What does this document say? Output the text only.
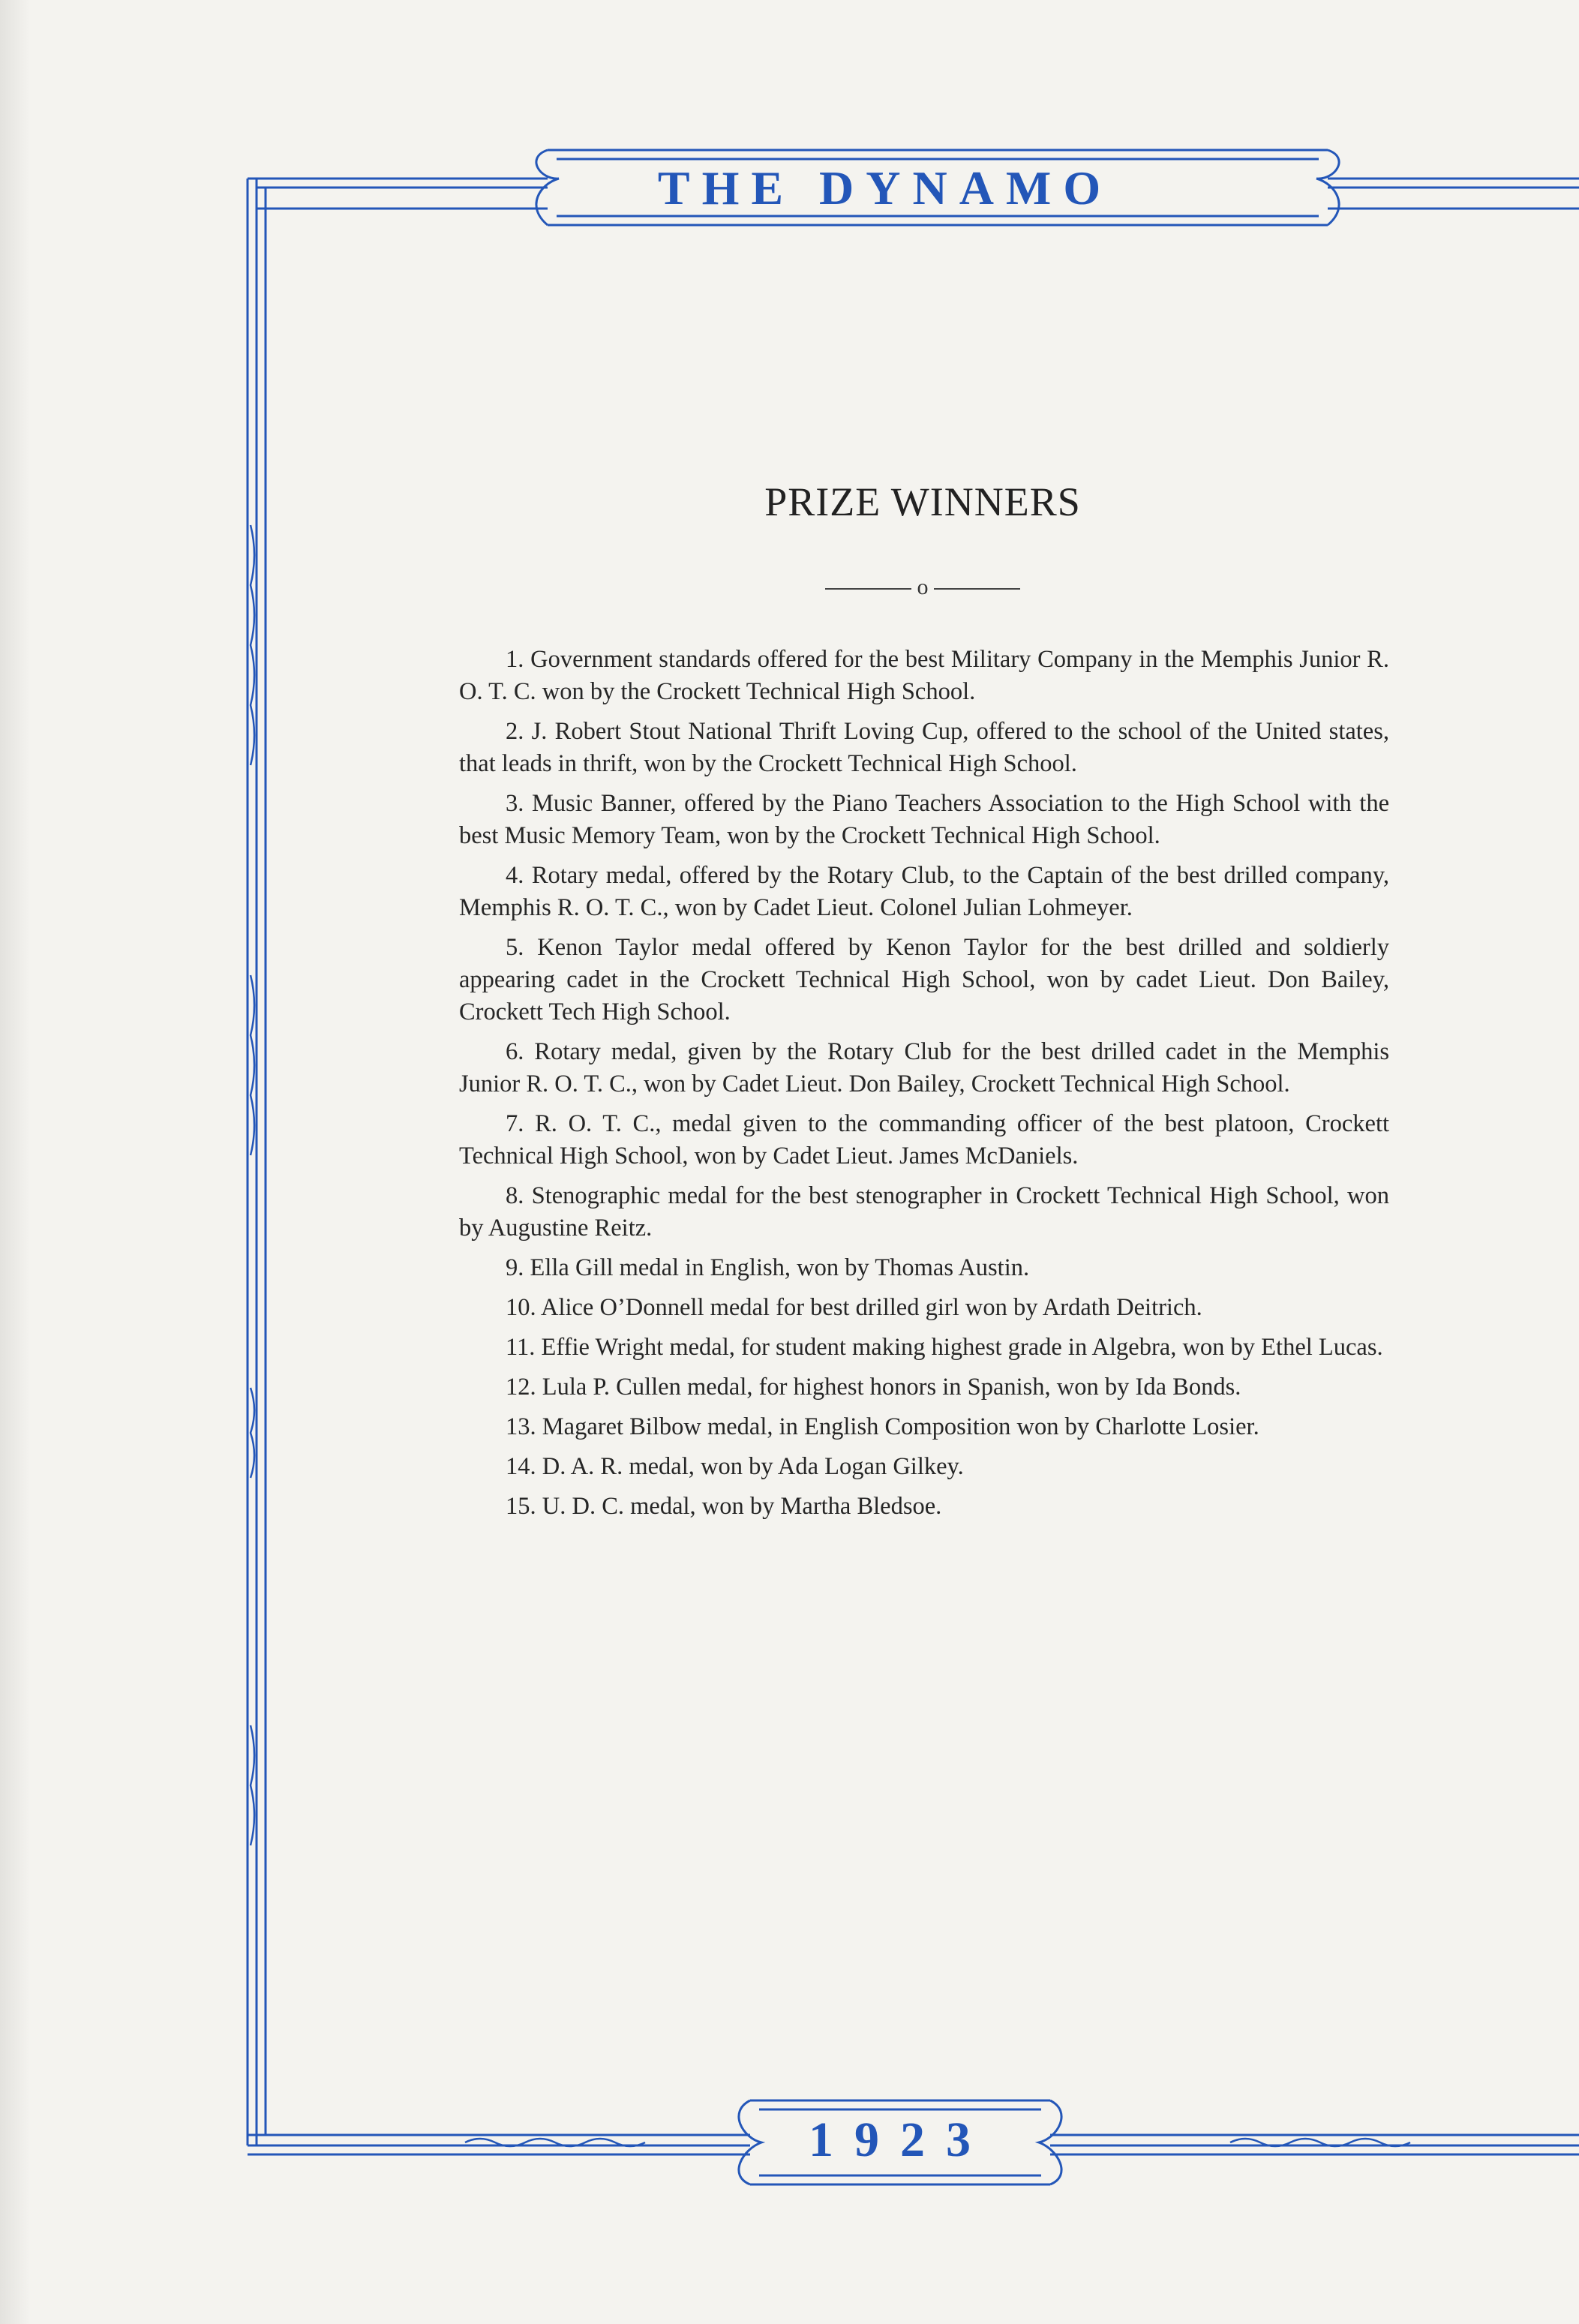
THE DYNAMO
1923
PRIZE WINNERS
o

1. Government standards offered for the best Military Company in the Memphis Junior R. O. T. C. won by the Crockett Technical High School.

2. J. Robert Stout National Thrift Loving Cup, offered to the school of the United states, that leads in thrift, won by the Crockett Technical High School.

3. Music Banner, offered by the Piano Teachers Association to the High School with the best Music Memory Team, won by the Crockett Technical High School.

4. Rotary medal, offered by the Rotary Club, to the Captain of the best drilled company, Memphis R. O. T. C., won by Cadet Lieut. Colonel Julian Lohmeyer.

5. Kenon Taylor medal offered by Kenon Taylor for the best drilled and soldierly appearing cadet in the Crockett Technical High School, won by cadet Lieut. Don Bailey, Crockett Tech High School.

6. Rotary medal, given by the Rotary Club for the best drilled cadet in the Memphis Junior R. O. T. C., won by Cadet Lieut. Don Bailey, Crockett Technical High School.

7. R. O. T. C., medal given to the commanding officer of the best platoon, Crockett Technical High School, won by Cadet Lieut. James McDaniels.

8. Stenographic medal for the best stenographer in Crockett Technical High School, won by Augustine Reitz.

9. Ella Gill medal in English, won by Thomas Austin.

10. Alice O’Donnell medal for best drilled girl won by Ardath Deitrich.

11. Effie Wright medal, for student making highest grade in Algebra, won by Ethel Lucas.

12. Lula P. Cullen medal, for highest honors in Spanish, won by Ida Bonds.

13. Magaret Bilbow medal, in English Composition won by Charlotte Losier.

14. D. A. R. medal, won by Ada Logan Gilkey.

15. U. D. C. medal, won by Martha Bledsoe.
